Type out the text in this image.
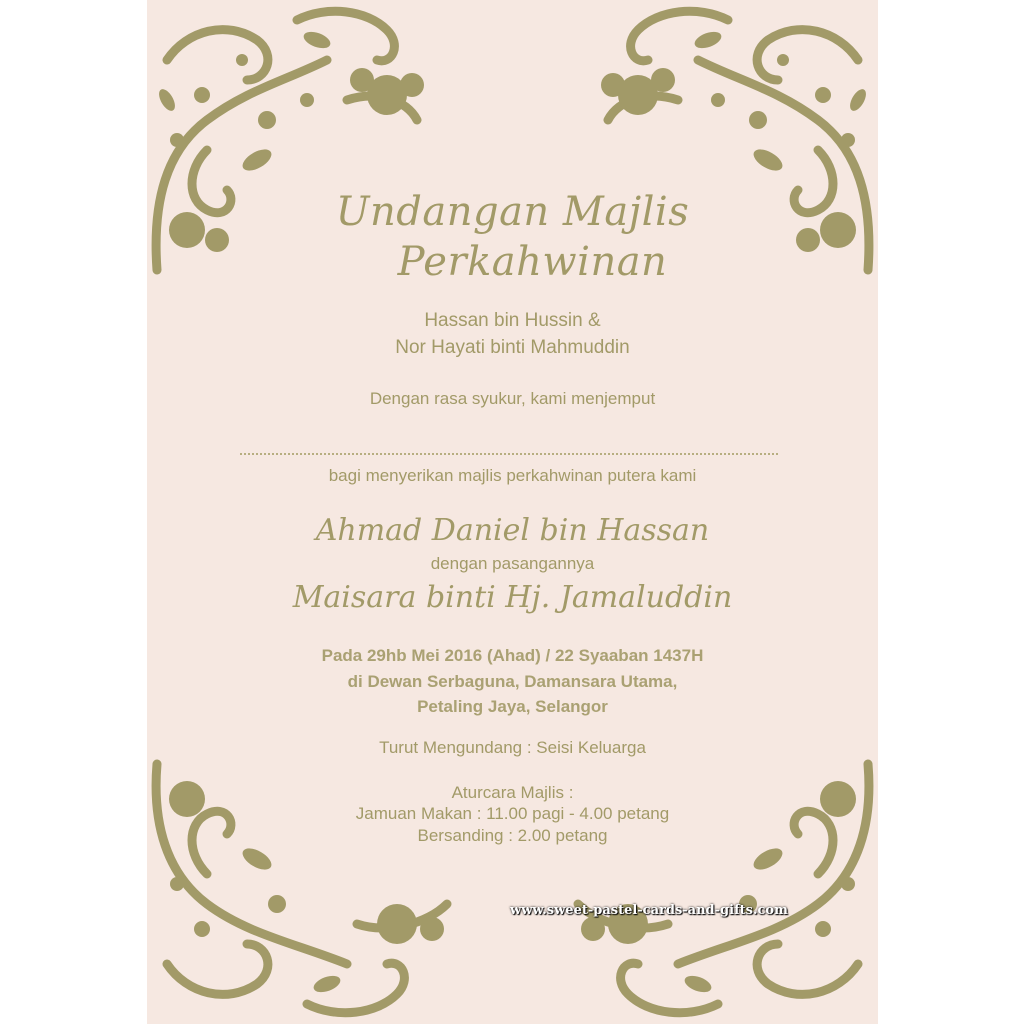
Undangan Majlis
Perkahwinan
Hassan bin Hussin &
Nor Hayati binti Mahmuddin
Dengan rasa syukur, kami menjemput
bagi menyerikan majlis perkahwinan putera kami
Ahmad Daniel bin Hassan
dengan pasangannya
Maisara binti Hj. Jamaluddin
Pada 29hb Mei 2016 (Ahad) / 22 Syaaban 1437H
di Dewan Serbaguna, Damansara Utama,
Petaling Jaya, Selangor
Turut Mengundang : Seisi Keluarga
Aturcara Majlis :
Jamuan Makan : 11.00 pagi - 4.00 petang
Bersanding : 2.00 petang
www.sweet-pastel-cards-and-gifts.com
